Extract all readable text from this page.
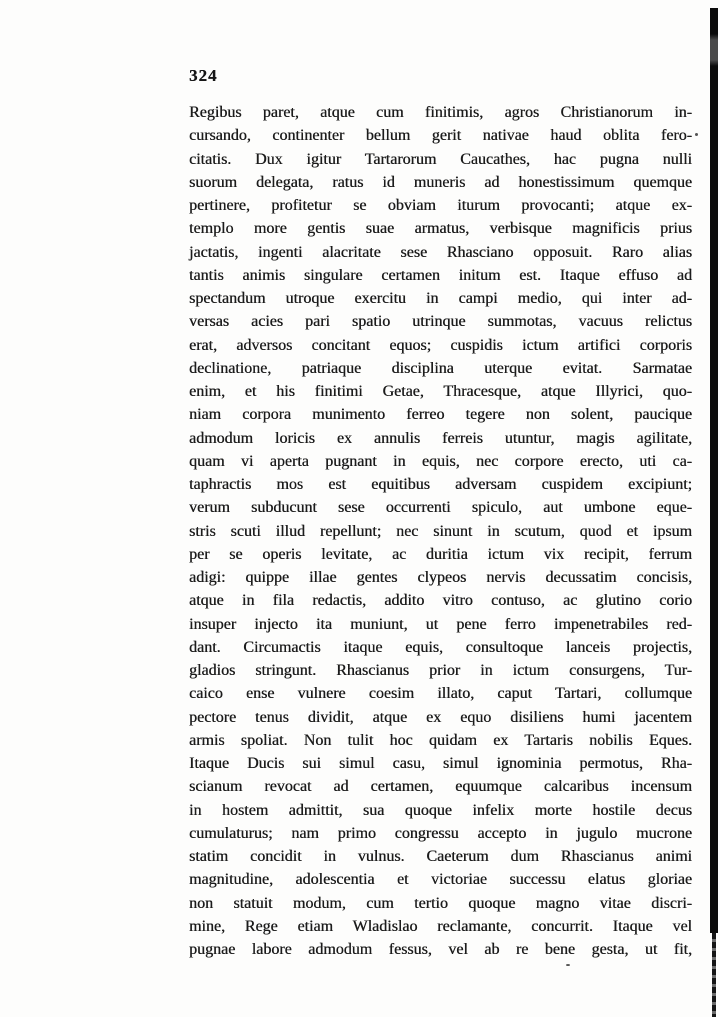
324
Regibus paret, atque cum finitimis, agros Christianorum in-
cursando, continenter bellum gerit nativae haud oblita fero-
citatis. Dux igitur Tartarorum Caucathes, hac pugna nulli
suorum delegata, ratus id muneris ad honestissimum quemque
pertinere, profitetur se obviam iturum provocanti; atque ex-
templo more gentis suae armatus, verbisque magnificis prius
jactatis, ingenti alacritate sese Rhasciano opposuit. Raro alias
tantis animis singulare certamen initum est. Itaque effuso ad
spectandum utroque exercitu in campi medio, qui inter ad-
versas acies pari spatio utrinque summotas, vacuus relictus
erat, adversos concitant equos; cuspidis ictum artifici corporis
declinatione, patriaque disciplina uterque evitat. Sarmatae
enim, et his finitimi Getae, Thracesque, atque Illyrici, quo-
niam corpora munimento ferreo tegere non solent, paucique
admodum loricis ex annulis ferreis utuntur, magis agilitate,
quam vi aperta pugnant in equis, nec corpore erecto, uti ca-
taphractis mos est equitibus adversam cuspidem excipiunt;
verum subducunt sese occurrenti spiculo, aut umbone eque-
stris scuti illud repellunt; nec sinunt in scutum, quod et ipsum
per se operis levitate, ac duritia ictum vix recipit, ferrum
adigi: quippe illae gentes clypeos nervis decussatim concisis,
atque in fila redactis, addito vitro contuso, ac glutino corio
insuper injecto ita muniunt, ut pene ferro impenetrabiles red-
dant. Circumactis itaque equis, consultoque lanceis projectis,
gladios stringunt. Rhascianus prior in ictum consurgens, Tur-
caico ense vulnere coesim illato, caput Tartari, collumque
pectore tenus dividit, atque ex equo disiliens humi jacentem
armis spoliat. Non tulit hoc quidam ex Tartaris nobilis Eques.
Itaque Ducis sui simul casu, simul ignominia permotus, Rha-
scianum revocat ad certamen, equumque calcaribus incensum
in hostem admittit, sua quoque infelix morte hostile decus
cumulaturus; nam primo congressu accepto in jugulo mucrone
statim concidit in vulnus. Caeterum dum Rhascianus animi
magnitudine, adolescentia et victoriae successu elatus gloriae
non statuit modum, cum tertio quoque magno vitae discri-
mine, Rege etiam Wladislao reclamante, concurrit. Itaque vel
pugnae labore admodum fessus, vel ab re bene gesta, ut fit,
